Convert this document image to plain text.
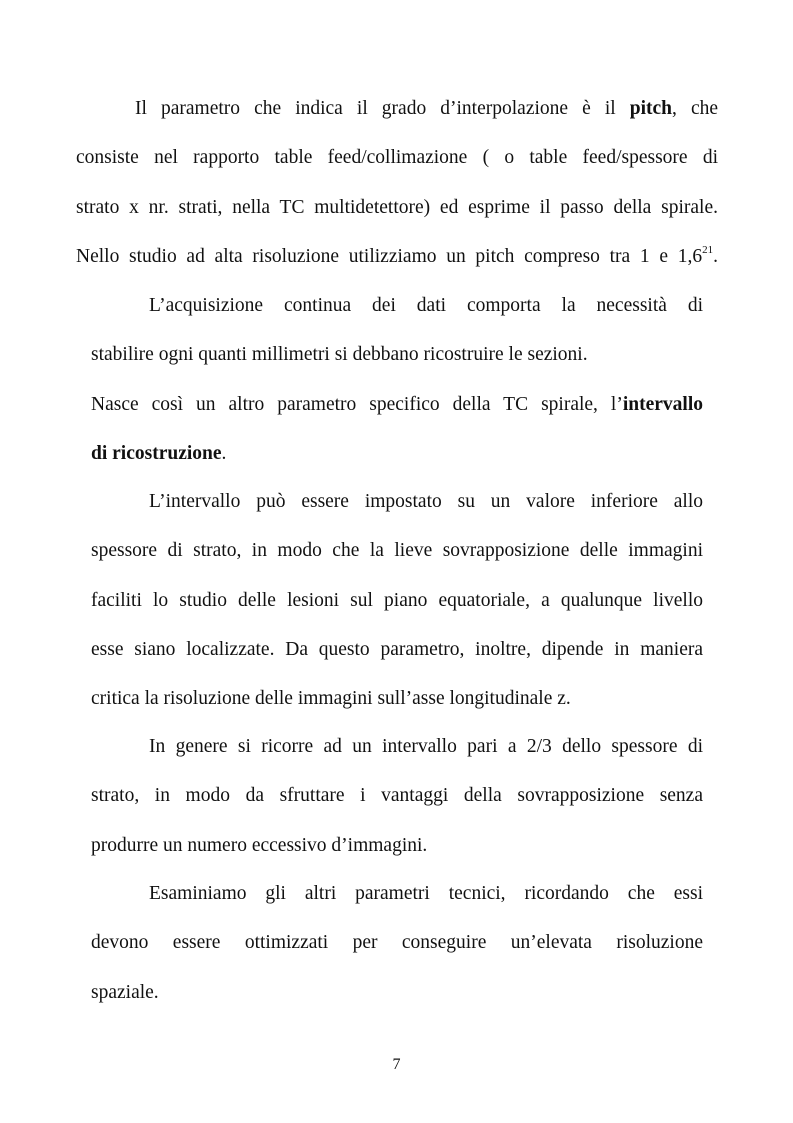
Il parametro che indica il grado d’interpolazione è il pitch, che
consiste nel rapporto table feed/collimazione ( o table feed/spessore di
strato x nr. strati, nella TC multidetettore) ed esprime il passo della spirale.
Nello studio ad alta risoluzione utilizziamo un pitch compreso tra 1 e $1,6^{21}$.
L’acquisizione continua dei dati comporta la necessità di
stabilire ogni quanti millimetri si debbano ricostruire le sezioni.
Nasce così un altro parametro specifico della TC spirale, l’intervallo
di ricostruzione.
L’intervallo può essere impostato su un valore inferiore allo
spessore di strato, in modo che la lieve sovrapposizione delle immagini
faciliti lo studio delle lesioni sul piano equatoriale, a qualunque livello
esse siano localizzate. Da questo parametro, inoltre, dipende in maniera
critica la risoluzione delle immagini sull’asse longitudinale z.
In genere si ricorre ad un intervallo pari a 2/3 dello spessore di
strato, in modo da sfruttare i vantaggi della sovrapposizione senza
produrre un numero eccessivo d’immagini.
Esaminiamo gli altri parametri tecnici, ricordando che essi
devono essere ottimizzati per conseguire un’elevata risoluzione
spaziale.
7
